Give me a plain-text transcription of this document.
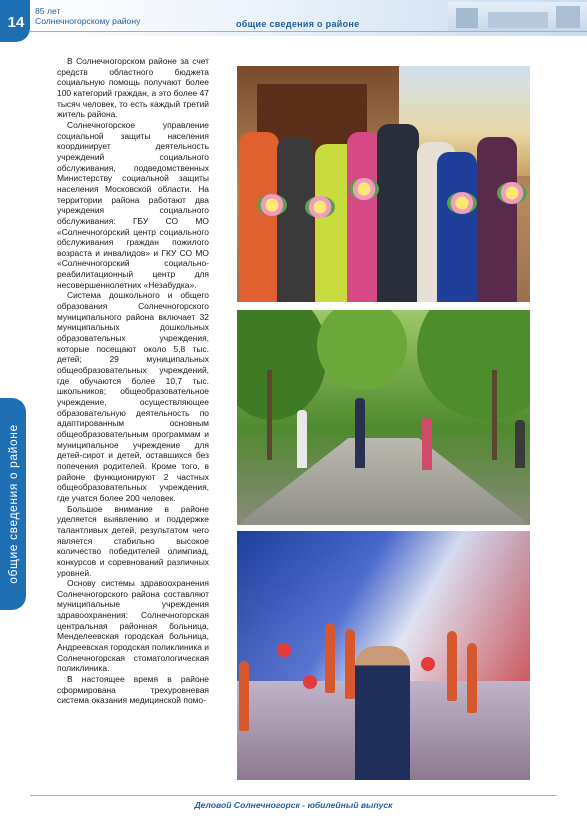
14
85 лет
Солнечногорскому району	общие сведения о районе
общие сведения о районе

В Солнечногорском районе за счет средств областного бюджета социальную помощь получают более 100 категорий граждан, а это более 47 тысяч человек, то есть каждый третий житель района.

Солнечногорское управление социальной защиты населения координирует деятельность учреждений социального обслуживания, подведомственных Министерству социальной защиты населения Московской области. На территории района работают два учреждения социального обслуживания: ГБУ СО МО «Солнечногорский центр социального обслуживания граждан пожилого возраста и инвалидов» и ГКУ СО МО «Солнечногорский социально-реабилитационный центр для несовершеннолетних «Незабудка».

Система дошкольного и общего образования Солнечногорского муниципального района включает 32 муниципальных дошкольных образовательных учреждения, которые посещают около 5,8 тыс. детей; 29 муниципальных общеобразовательных учреждений, где обучаются более 10,7 тыс. школьников; общеобразовательное учреждение, осуществляющее образовательную деятельность по адаптированным основным общеобразовательным программам и муниципальное учреждение для детей-сирот и детей, оставшихся без попечения родителей. Кроме того, в районе функционируют 2 частных общеобразовательных учреждения, где учатся более 200 человек.

Большое внимание в районе уделяется выявлению и поддержке талантливых детей, результатом чего является стабильно высокое количество победителей олимпиад, конкурсов и соревнований различных уровней.

Основу системы здравоохранения Солнечногорского района составляют муниципальные учреждения здравоохранения: Солнечногорская центральная районная больница, Менделеевская городская больница, Андреевская городская поликлиника и Солнечногорская стоматологическая поликлиника.

В настоящее время в районе сформирована трехуровневая система оказания медицинской помо-

Деловой Солнечногорск - юбилейный выпуск
